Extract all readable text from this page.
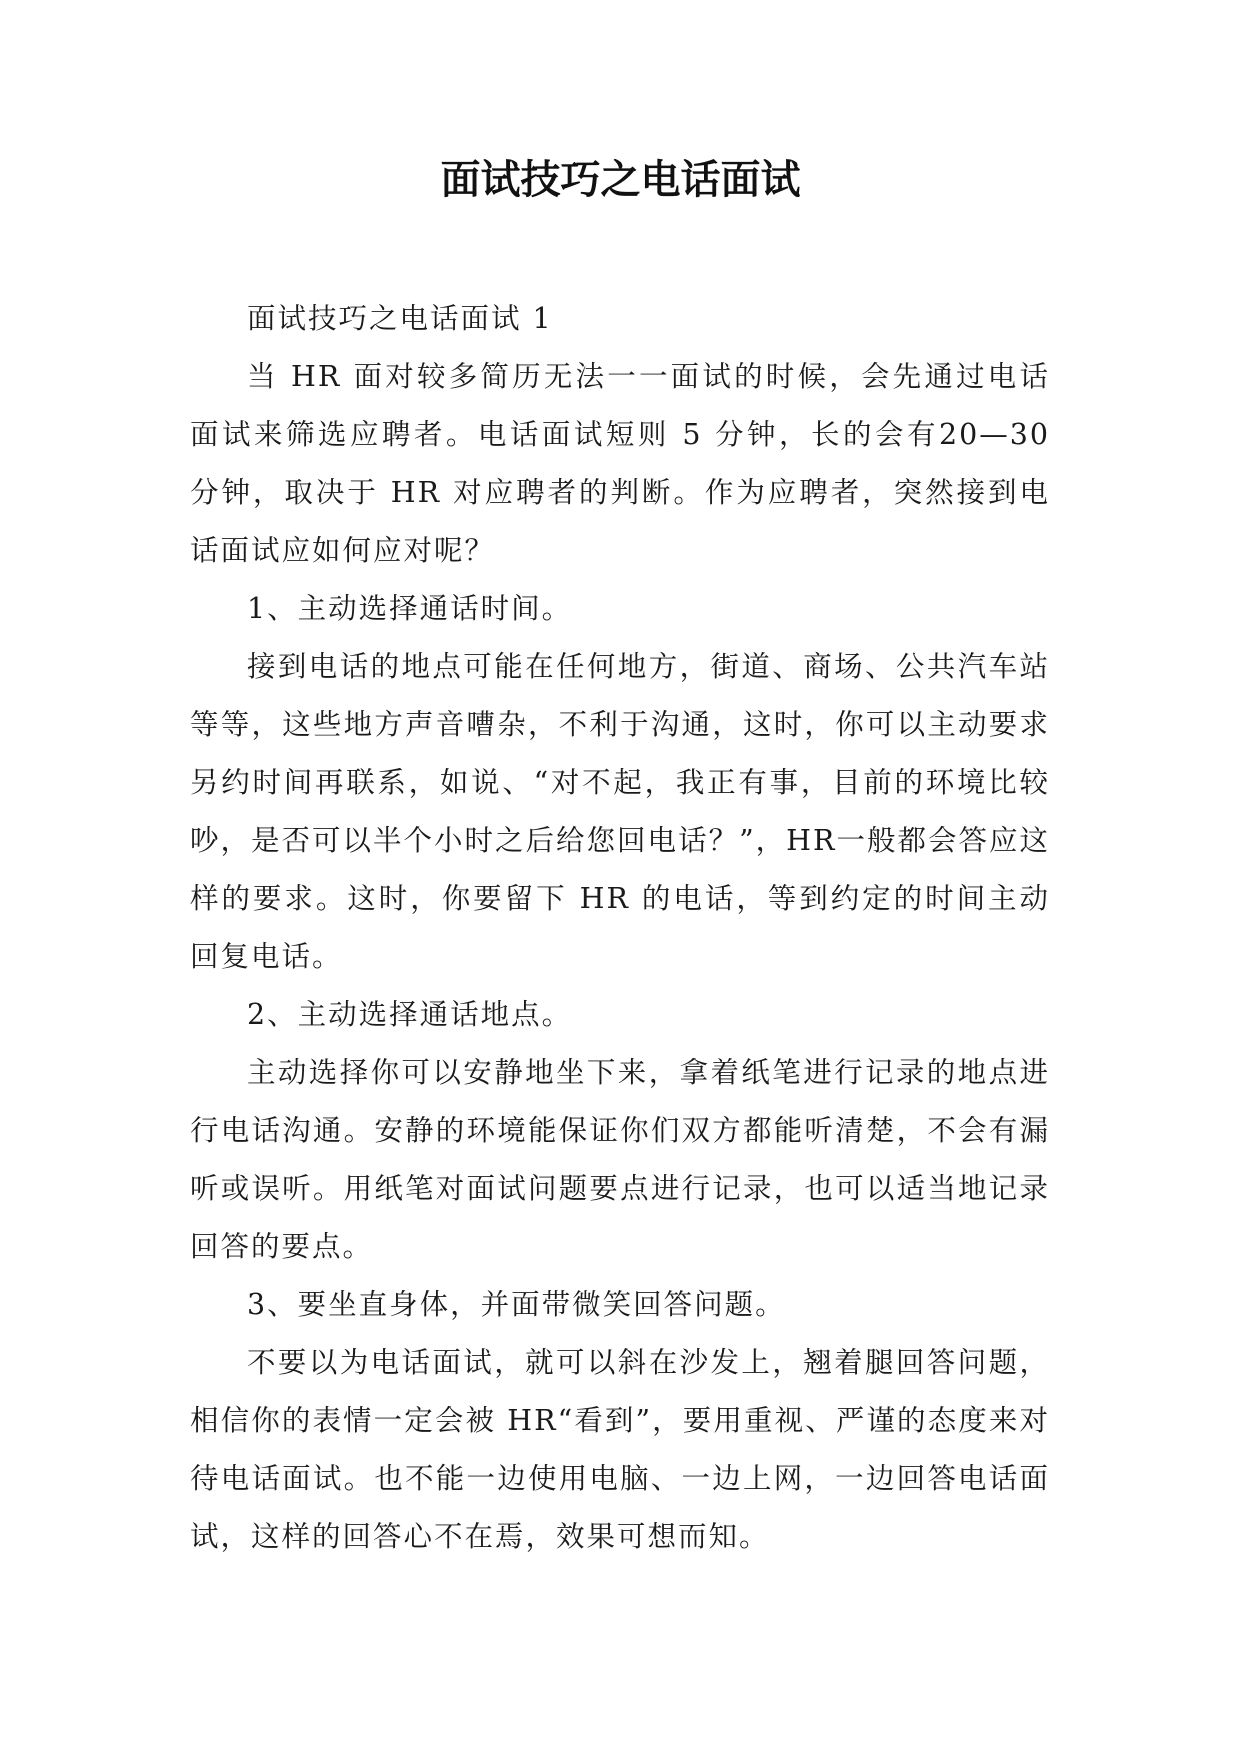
面试技巧之电话面试

面试技巧之电话面试 1

当 HR 面对较多简历无法一一面试的时候，会先通过电话面试来筛选应聘者。电话面试短则 5 分钟，长的会有20—30 分钟，取决于 HR 对应聘者的判断。作为应聘者，突然接到电话面试应如何应对呢？

1、主动选择通话时间。

接到电话的地点可能在任何地方，街道、商场、公共汽车站等等，这些地方声音嘈杂，不利于沟通，这时，你可以主动要求另约时间再联系，如说、“对不起，我正有事，目前的环境比较吵，是否可以半个小时之后给您回电话？”，HR一般都会答应这样的要求。这时，你要留下 HR 的电话，等到约定的时间主动回复电话。

2、主动选择通话地点。

主动选择你可以安静地坐下来，拿着纸笔进行记录的地点进行电话沟通。安静的环境能保证你们双方都能听清楚，不会有漏听或误听。用纸笔对面试问题要点进行记录，也可以适当地记录回答的要点。

3、要坐直身体，并面带微笑回答问题。

不要以为电话面试，就可以斜在沙发上，翘着腿回答问题，相信你的表情一定会被 HR“看到”，要用重视、严谨的态度来对待电话面试。也不能一边使用电脑、一边上网，一边回答电话面试，这样的回答心不在焉，效果可想而知。
